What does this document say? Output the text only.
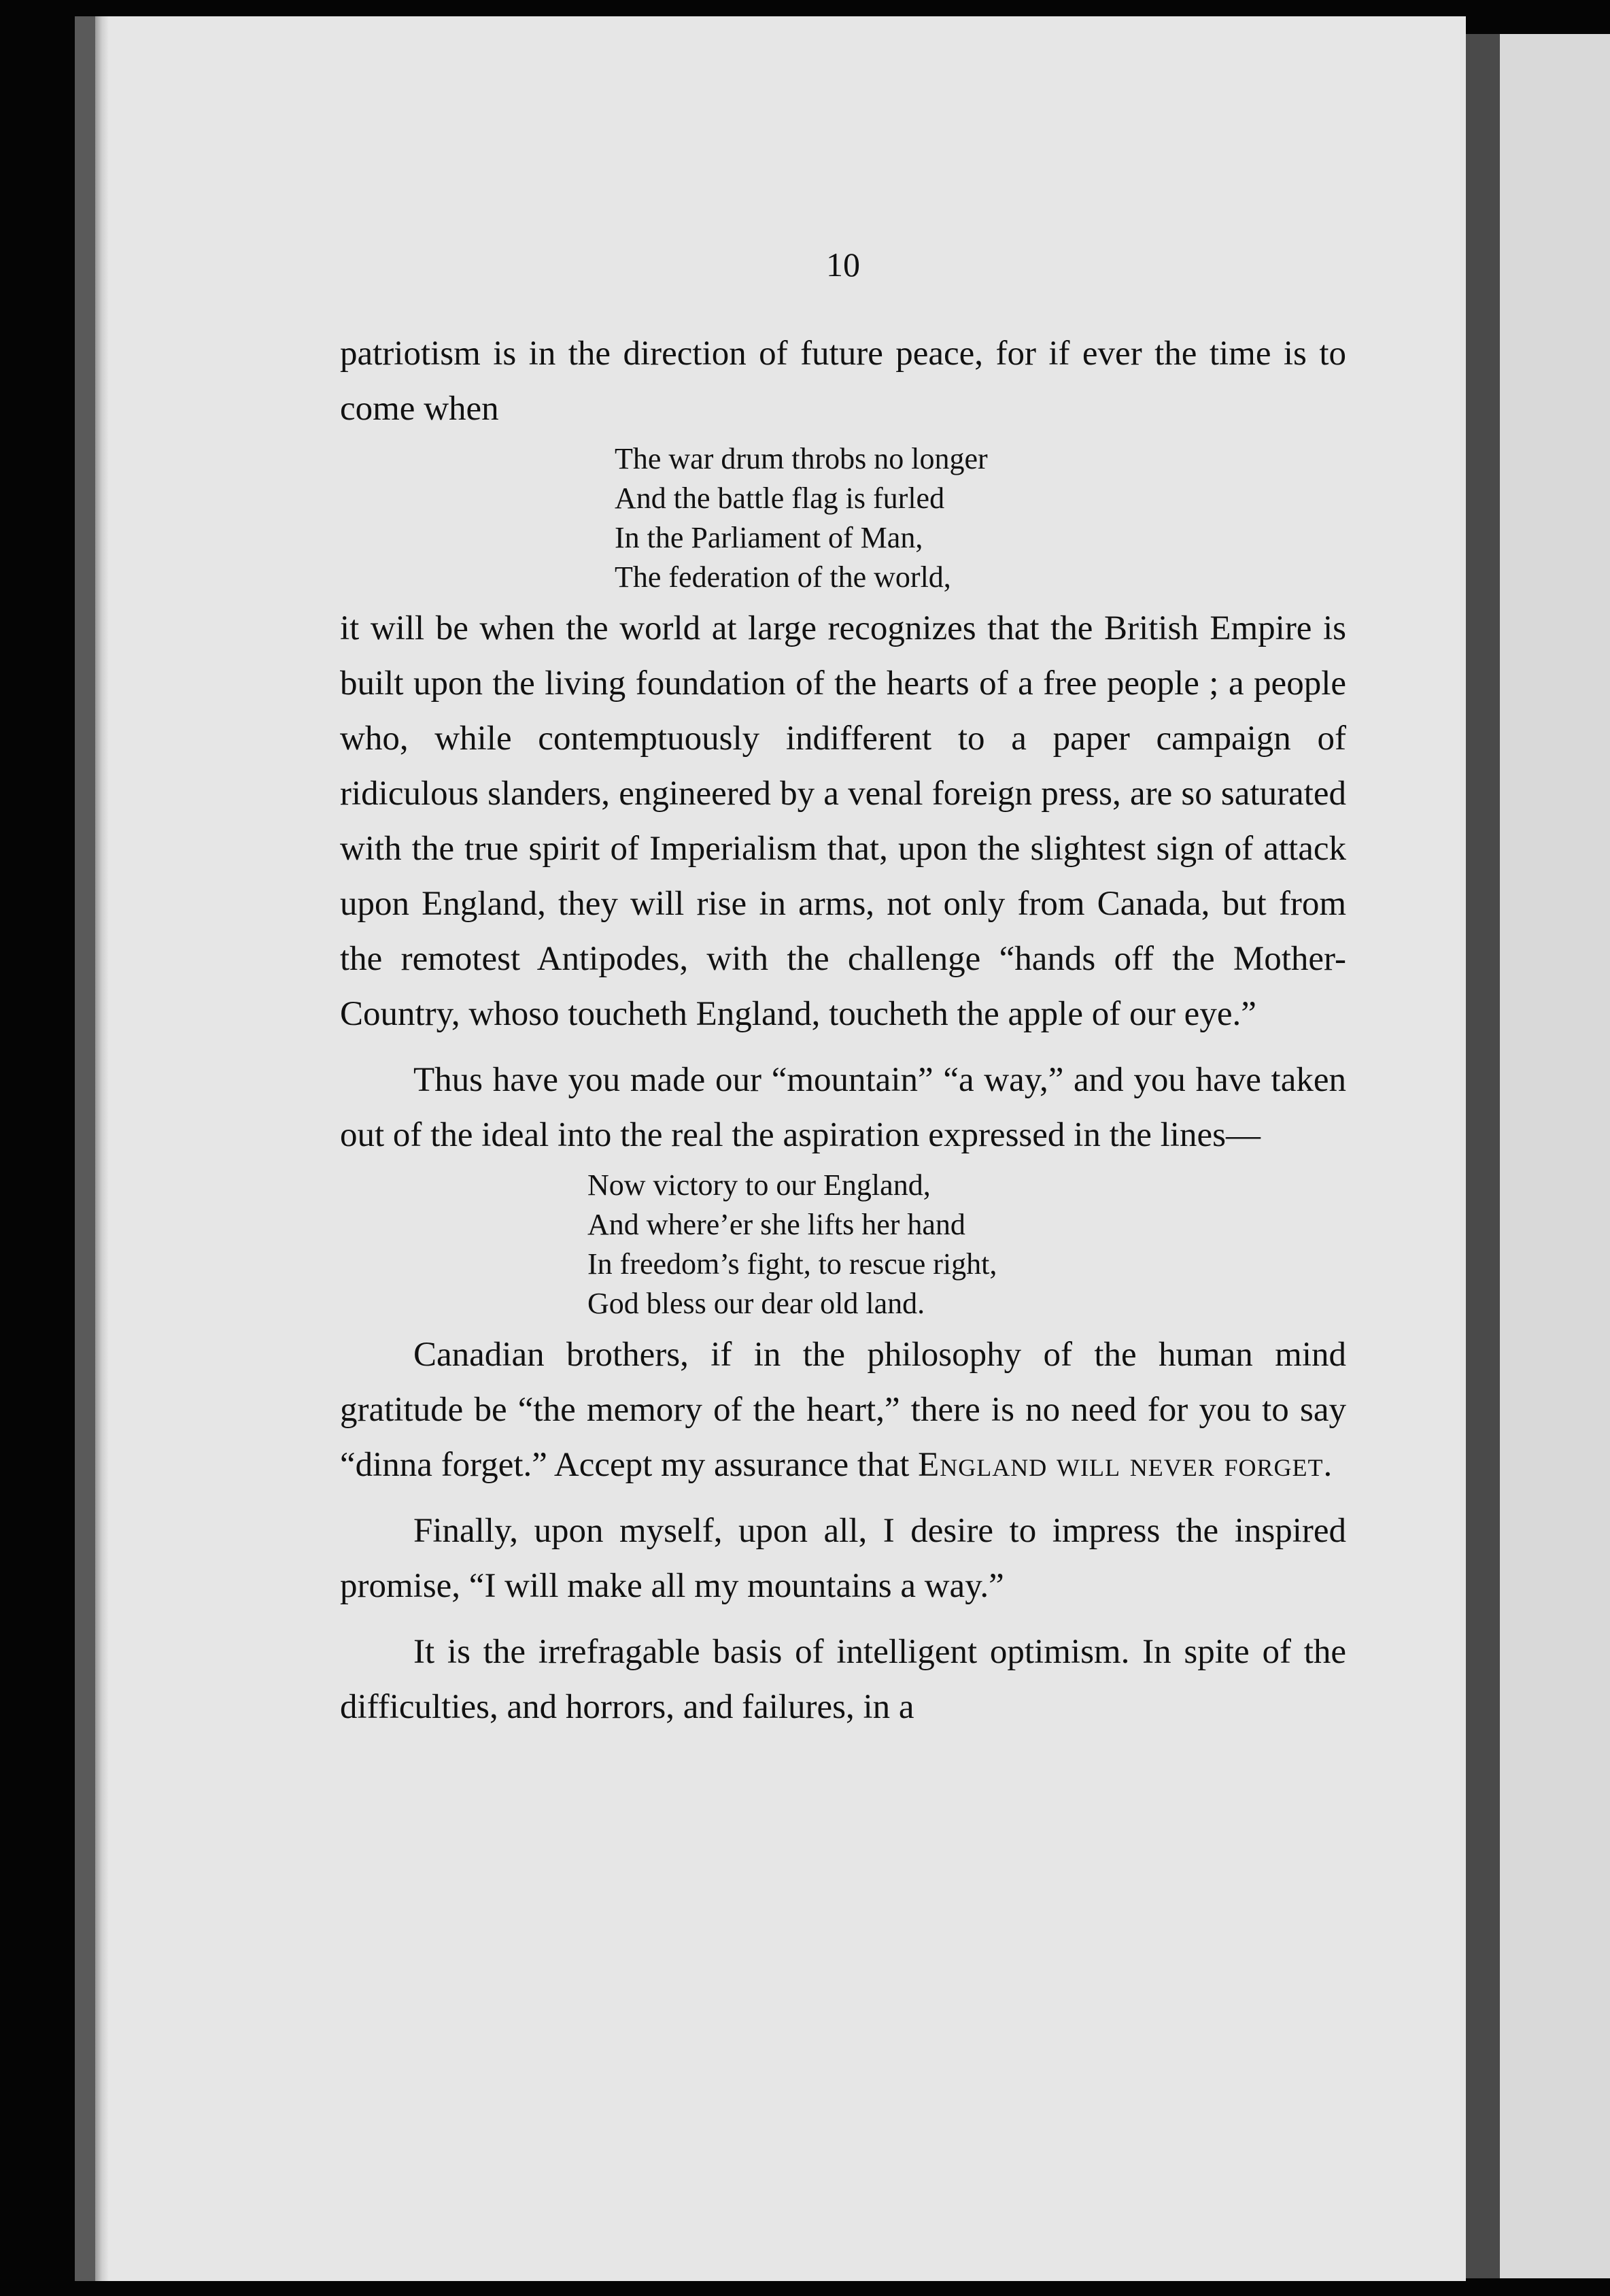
10

patriotism is in the direction of future peace, for if ever the time is to come when

The war drum throbs no longer
And the battle flag is furled
In the Parliament of Man,
The federation of the world,

it will be when the world at large recognizes that the British Empire is built upon the living foundation of the hearts of a free people ; a people who, while contemptuously indifferent to a paper campaign of ridiculous slanders, engineered by a venal foreign press, are so saturated with the true spirit of Imperialism that, upon the slightest sign of attack upon England, they will rise in arms, not only from Canada, but from the remotest Antipodes, with the challenge “hands off the Mother-Country, whoso toucheth England, toucheth the apple of our eye.”

Thus have you made our “mountain” “a way,” and you have taken out of the ideal into the real the aspiration expressed in the lines—

Now victory to our England,
And where’er she lifts her hand
In freedom’s fight, to rescue right,
God bless our dear old land.

Canadian brothers, if in the philosophy of the human mind gratitude be “the memory of the heart,” there is no need for you to say “dinna forget.” Accept my assurance that England will never forget.

Finally, upon myself, upon all, I desire to impress the inspired promise, “I will make all my mountains a way.”

It is the irrefragable basis of intelligent optimism. In spite of the difficulties, and horrors, and failures, in a
